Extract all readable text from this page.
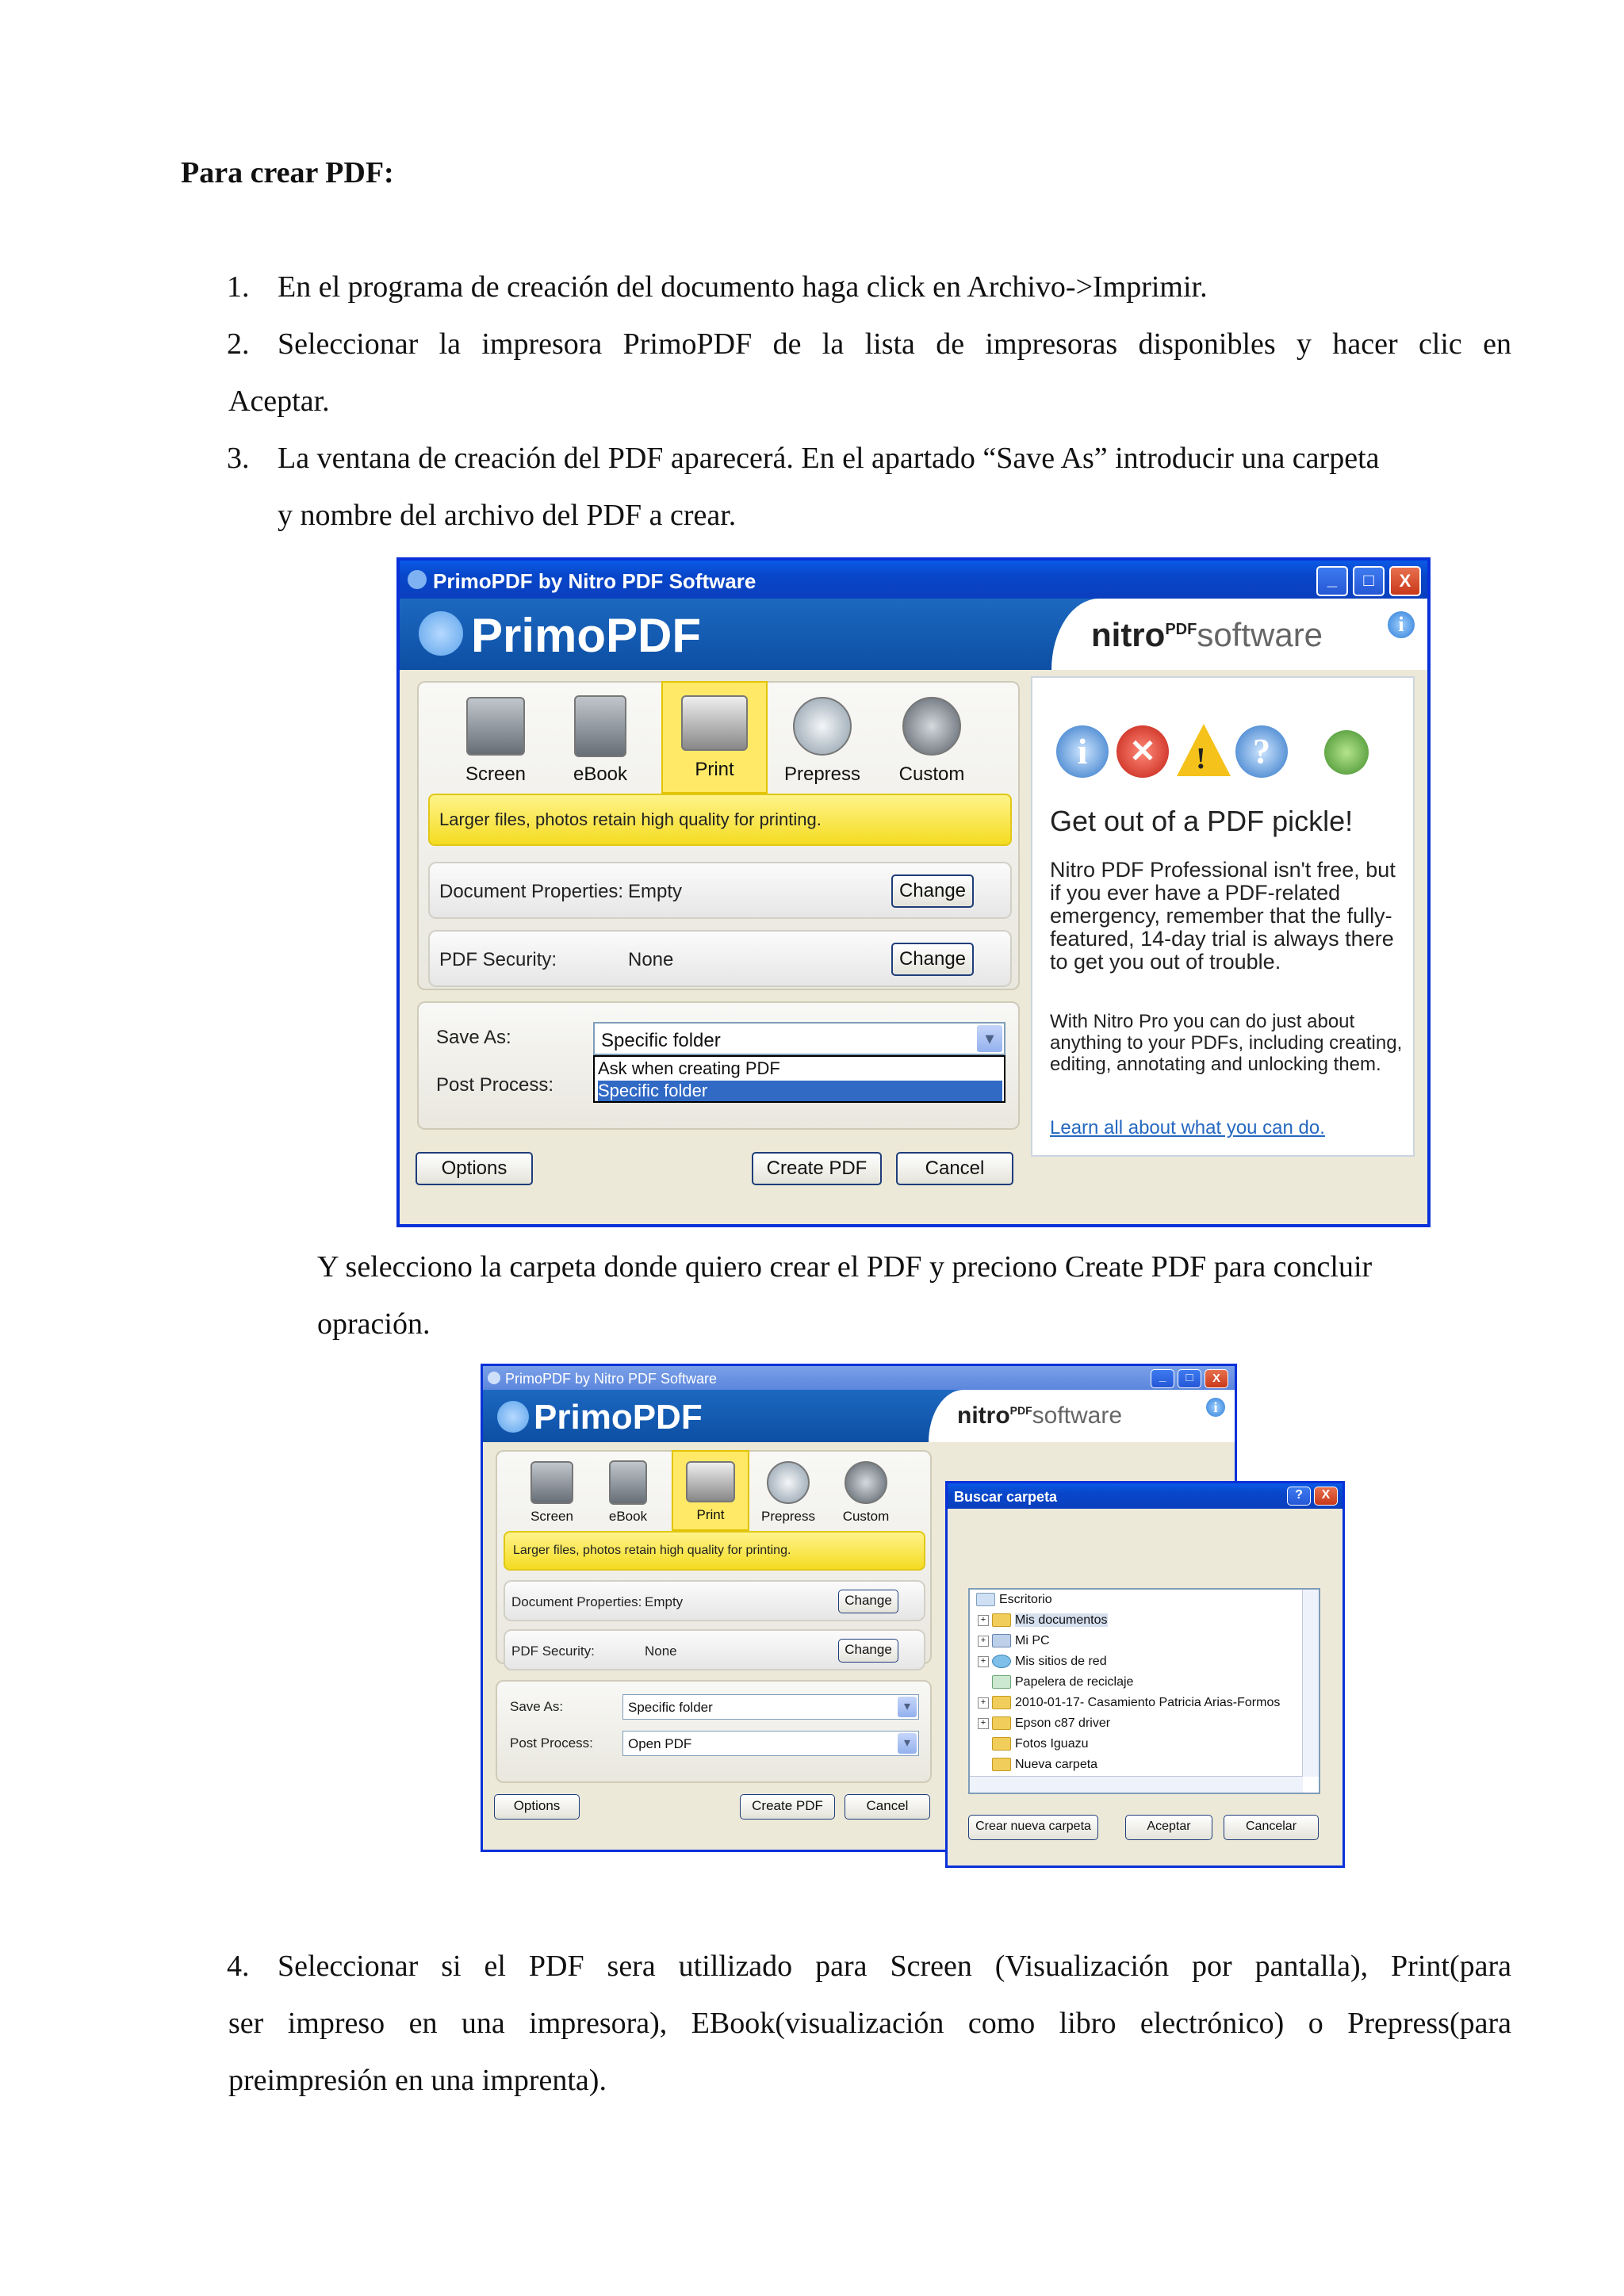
Para crear PDF:
1. En el programa de creación del documento haga click en Archivo->Imprimir.
2. Seleccionar la impresora PrimoPDF de la lista de impresoras disponibles y hacer clic en
Aceptar.
3. La ventana de creación del PDF aparecerá. En el apartado “Save As” introducir una carpeta
y nombre del archivo del PDF a crear.
PrimoPDF by Nitro PDF Software	_	□	X
PrimoPDF	nitro$^{PDF}$software	i
Screen	eBook	Print	Prepress	Custom
Larger files, photos retain high quality for printing.
Document Properties: Empty	Change
PDF Security:	None	Change
Save As:	Specific folder	▾
Post Process:
Ask when creating PDF
Specific folder
Options	Create PDF	Cancel
i	✕	!	?
Get out of a PDF pickle!
Nitro PDF Professional isn't free, but if you ever have a PDF-related emergency, remember that the fully-featured, 14-day trial is always there to get you out of trouble.
With Nitro Pro you can do just about anything to your PDFs, including creating, editing, annotating and unlocking them.
Learn all about what you can do.
Y selecciono la carpeta donde quiero crear el PDF y preciono Create PDF para concluir
opración.
PrimoPDF by Nitro PDF Software	_	□	X
PrimoPDF	nitro$^{PDF}$software	i
Screen	eBook	Print	Prepress	Custom
Larger files, photos retain high quality for printing.
Document Properties: Empty	Change
PDF Security:	None	Change
Save As:	Specific folder	▾
Post Process:	Open PDF	▾
Options	Create PDF	Cancel
Buscar carpeta	?	X
Escritorio
+ Mis documentos
+ Mi PC
+ Mis sitios de red
Papelera de reciclaje
+ 2010-01-17- Casamiento Patricia Arias-Formos
+ Epson c87 driver
Fotos Iguazu
Nueva carpeta
Crear nueva carpeta	Aceptar	Cancelar
4. Seleccionar si el PDF sera utillizado para Screen (Visualización por pantalla), Print(para
ser impreso en una impresora), EBook(visualización como libro electrónico) o Prepress(para
preimpresión en una imprenta).
